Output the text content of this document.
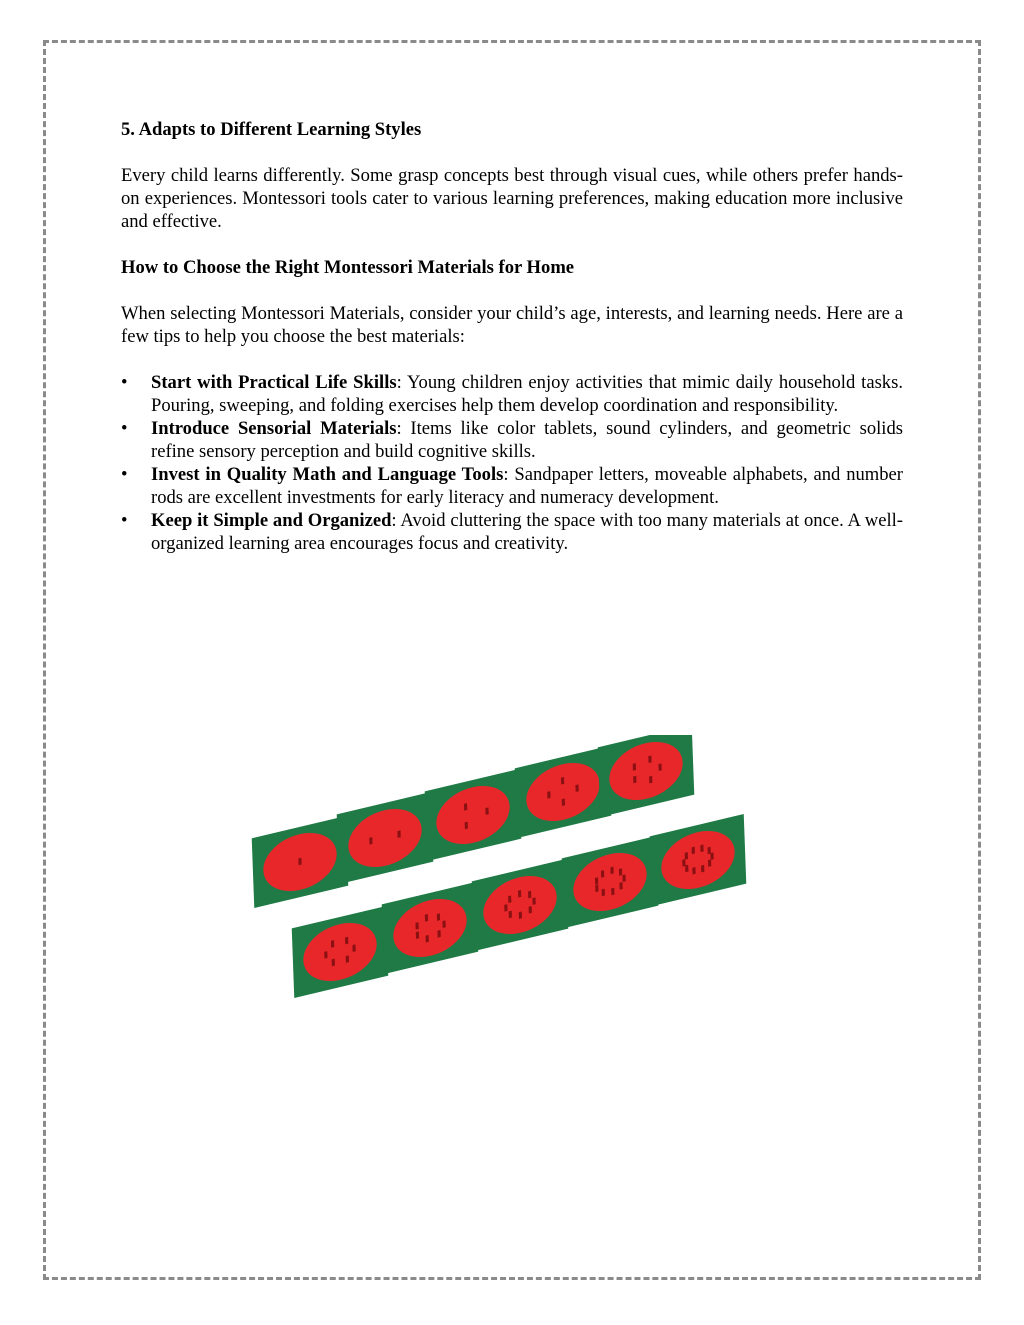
5. Adapts to Different Learning Styles

Every child learns differently. Some grasp concepts best through visual cues, while others prefer hands-on experiences. Montessori tools cater to various learning preferences, making education more inclusive and effective.

How to Choose the Right Montessori Materials for Home

When selecting Montessori Materials, consider your child’s age, interests, and learning needs. Here are a few tips to help you choose the best materials:

• Start with Practical Life Skills: Young children enjoy activities that mimic daily household tasks. Pouring, sweeping, and folding exercises help them develop coordination and responsibility.
• Introduce Sensorial Materials: Items like color tablets, sound cylinders, and geometric solids refine sensory perception and build cognitive skills.
• Invest in Quality Math and Language Tools: Sandpaper letters, moveable alphabets, and number rods are excellent investments for early literacy and numeracy development.
• Keep it Simple and Organized: Avoid cluttering the space with too many materials at once. A well-organized learning area encourages focus and creativity.
